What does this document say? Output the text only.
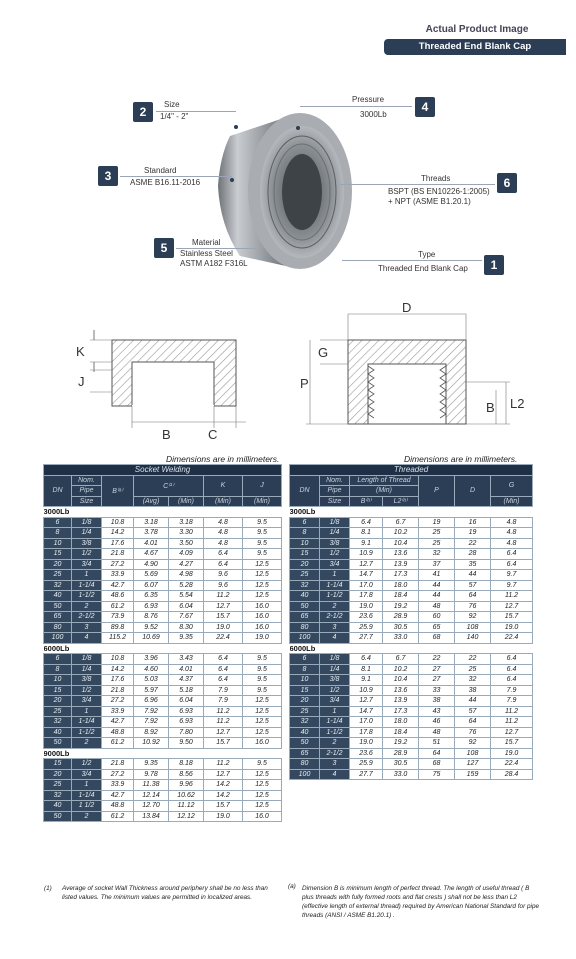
Actual Product Image
Threaded End Blank Cap
2
Size
1/4" - 2"
4
Pressure
3000Lb
3	Standard
ASME B16.11-2016	6
Threads
BSPT (BS EN10226-1:2005)
+ NPT (ASME B1.20.1)
5	Material
Stainless Steel
ASTM A182 F316L	1
Type
Threaded End Blank Cap
K
J
B	C
D
G
P
B L2
Dimensions are in millimeters.	Dimensions are in millimeters.
Socket Welding						
DN	Nom.	B⁽ᵃ⁾	C⁽¹⁾		K	J
	Pipe					
	Size		(Avg)	(Min)	(Min)	(Min)
3000Lb						
6	1/8	10.8	3.18	3.18	4.8	9.5
8	1/4	14.2	3.78	3.30	4.8	9.5
10	3/8	17.6	4.01	3.50	4.8	9.5
15	1/2	21.8	4.67	4.09	6.4	9.5
20	3/4	27.2	4.90	4.27	6.4	12.5
25	1	33.9	5.69	4.98	9.6	12.5
32	1-1/4	42.7	6.07	5.28	9.6	12.5
40	1-1/2	48.6	6.35	5.54	11.2	12.5
50	2	61.2	6.93	6.04	12.7	16.0
65	2-1/2	73.9	8.76	7.67	15.7	16.0
80	3	89.8	9.52	8.30	19.0	16.0
100	4	115.2	10.69	9.35	22.4	19.0
6000Lb						
6	1/8	10.8	3.96	3.43	6.4	9.5
8	1/4	14.2	4.60	4.01	6.4	9.5
10	3/8	17.6	5.03	4.37	6.4	9.5
15	1/2	21.8	5.97	5.18	7.9	9.5
20	3/4	27.2	6.96	6.04	7.9	12.5
25	1	33.9	7.92	6.93	11.2	12.5
32	1-1/4	42.7	7.92	6.93	11.2	12.5
40	1-1/2	48.8	8.92	7.80	12.7	12.5
50	2	61.2	10.92	9.50	15.7	16.0
9000Lb						
15	1/2	21.8	9.35	8.18	11.2	9.5
20	3/4	27.2	9.78	8.56	12.7	12.5
25	1	33.9	11.38	9.96	14.2	12.5
32	1-1/4	42.7	12.14	10.62	14.2	12.5
40	1 1/2	48.8	12.70	11.12	15.7	12.5
50	2	61.2	13.84	12.12	19.0	16.0
Threaded						
DN	Nom.	Length of Thread		P	D	G
	Pipe	(Min)				
	Size	B⁽ᵃ⁾	L2⁽ᵃ⁾			(Min)
3000Lb						
6	1/8	6.4	6.7	19	16	4.8
8	1/4	8.1	10.2	25	19	4.8
10	3/8	9.1	10.4	25	22	4.8
15	1/2	10.9	13.6	32	28	6.4
20	3/4	12.7	13.9	37	35	6.4
25	1	14.7	17.3	41	44	9.7
32	1-1/4	17.0	18.0	44	57	9.7
40	1-1/2	17.8	18.4	44	64	11.2
50	2	19.0	19.2	48	76	12.7
65	2-1/2	23.6	28.9	60	92	15.7
80	3	25.9	30.5	65	108	19.0
100	4	27.7	33.0	68	140	22.4
6000Lb						
6	1/8	6.4	6.7	22	22	6.4
8	1/4	8.1	10.2	27	25	6.4
10	3/8	9.1	10.4	27	32	6.4
15	1/2	10.9	13.6	33	38	7.9
20	3/4	12.7	13.9	38	44	7.9
25	1	14.7	17.3	43	57	11.2
32	1-1/4	17.0	18.0	46	64	11.2
40	1-1/2	17.8	18.4	48	76	12.7
50	2	19.0	19.2	51	92	15.7
65	2-1/2	23.6	28.9	64	108	19.0
80	3	25.9	30.5	68	127	22.4
100	4	27.7	33.0	75	159	28.4
(1)	Average of socket Wall Thickness around periphery shall be no less than listed values. The minimum values are permitted in localized areas.
(a) Dimension B is minimum length of perfect thread. The length of useful thread ( B plus threads with fully formed roots and flat crests ) shall not be less than L2 (effective length of external thread) required by American National Standard for pipe threads (ANSI / ASME B1.20.1) .
